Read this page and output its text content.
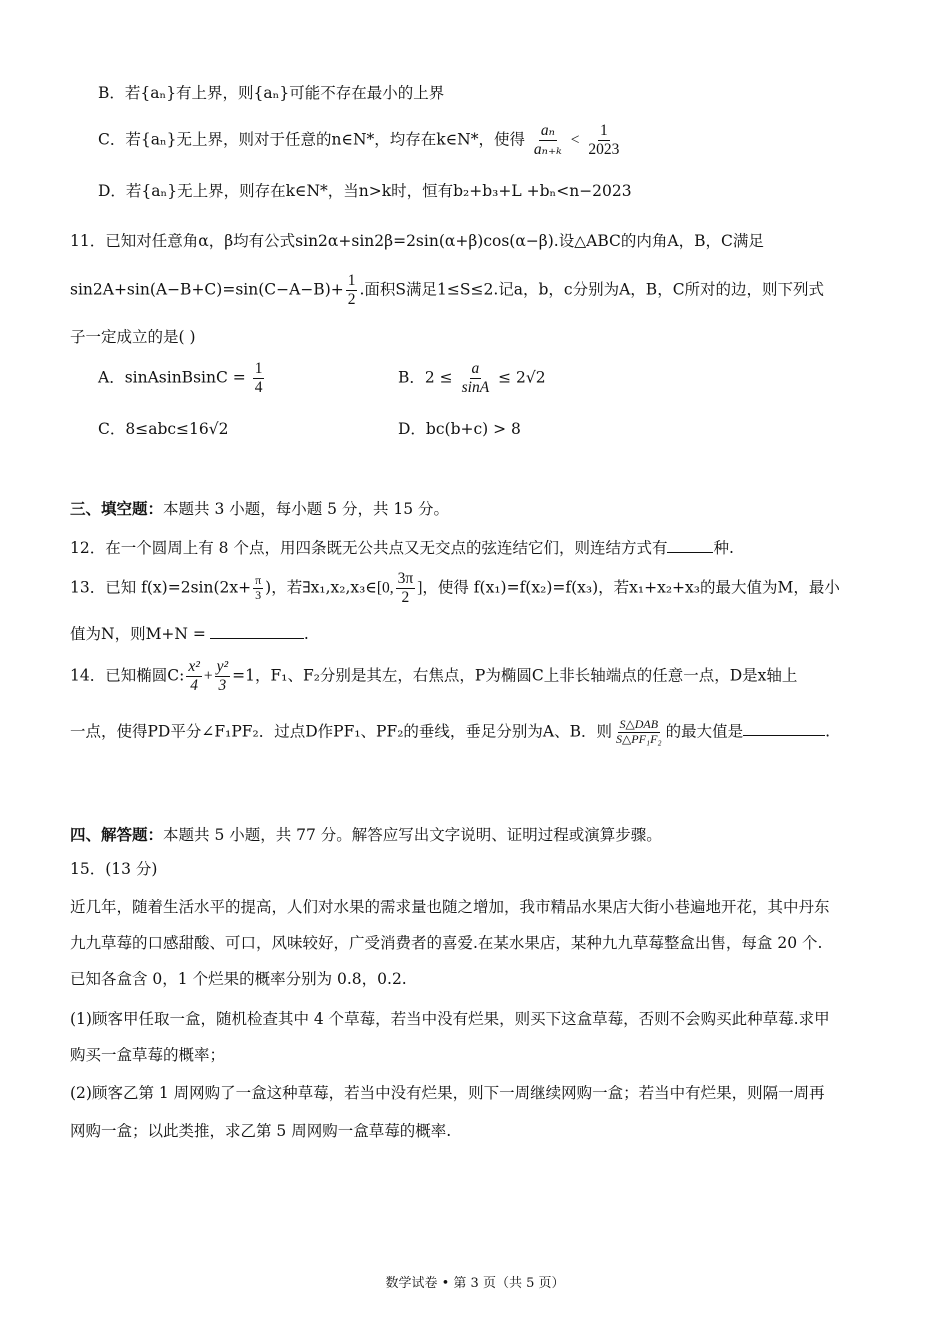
B．若{aₙ}有上界，则{aₙ}可能不存在最小的上界
C．若{aₙ}无上界，则对于任意的n∈N*，均存在k∈N*，使得 $\frac{\text{aₙ}}{\text{aₙ₊ₖ}} < \frac{1}{2023}$
D．若{aₙ}无上界，则存在k∈N*，当n>k时，恒有b₂+b₃+L +bₙ<n−2023
11．已知对任意角α，β均有公式sin2α+sin2β=2sin(α+β)cos(α−β).设△ABC的内角A，B，C满足
$\sin 2A+\sin(A-B+C)=\sin(C-A-B)+ \frac{1}{2}$ .面积S满足1≤S≤2.记a，b，c分别为A，B，C所对的边，则下列式
子一定成立的是( )
A．sinAsinBsinC = $\frac{1}{4}$	B．$2 \le \frac{a}{\sin A} \le 2√2$
C．8≤abc≤16√2	D．bc(b+c) > 8
三、填空题：本题共 3 小题，每小题 5 分，共 15 分。
12．在一个圆周上有 8 个点，用四条既无公共点又无交点的弦连结它们，则连结方式有	种.
13．已知 $f(x)=2\sin(2x+ \frac{\pi}{3}$ )，若∃x₁,x₂,x₃∈[0, $\frac{3\pi}{2}$ ]，使得 f(x₁)=f(x₂)=f(x₃)，若x₁+x₂+x₃的最大值为M，最小
值为N，则M+N =	.
14．已知椭圆C: $\frac{\text{x²}}{4} + \frac{\text{y²}}{3} =1$，F₁、F₂分别是其左，右焦点，P为椭圆C上非长轴端点的任意一点，D是x轴上
一点，使得PD平分∠F₁PF₂．过点D作PF₁、PF₂的垂线，垂足分别为A、B．则 $\frac{\text{S△DAB}}{\text{S△PF₁F₂}}$ 的最大值是	.
四、解答题：本题共 5 小题，共 77 分。解答应写出文字说明、证明过程或演算步骤。
15．(13 分)
近几年，随着生活水平的提高，人们对水果的需求量也随之增加，我市精品水果店大街小巷遍地开花，其中丹东
九九草莓的口感甜酸、可口，风味较好，广受消费者的喜爱.在某水果店，某种九九草莓整盒出售，每盒 20 个.
已知各盒含 0，1 个烂果的概率分别为 0.8，0.2.
(1)顾客甲任取一盒，随机检查其中 4 个草莓，若当中没有烂果，则买下这盒草莓，否则不会购买此种草莓.求甲
购买一盒草莓的概率；
(2)顾客乙第 1 周网购了一盒这种草莓，若当中没有烂果，则下一周继续网购一盒；若当中有烂果，则隔一周再
网购一盒；以此类推，求乙第 5 周网购一盒草莓的概率.
数学试卷 • 第 3 页（共 5 页）
